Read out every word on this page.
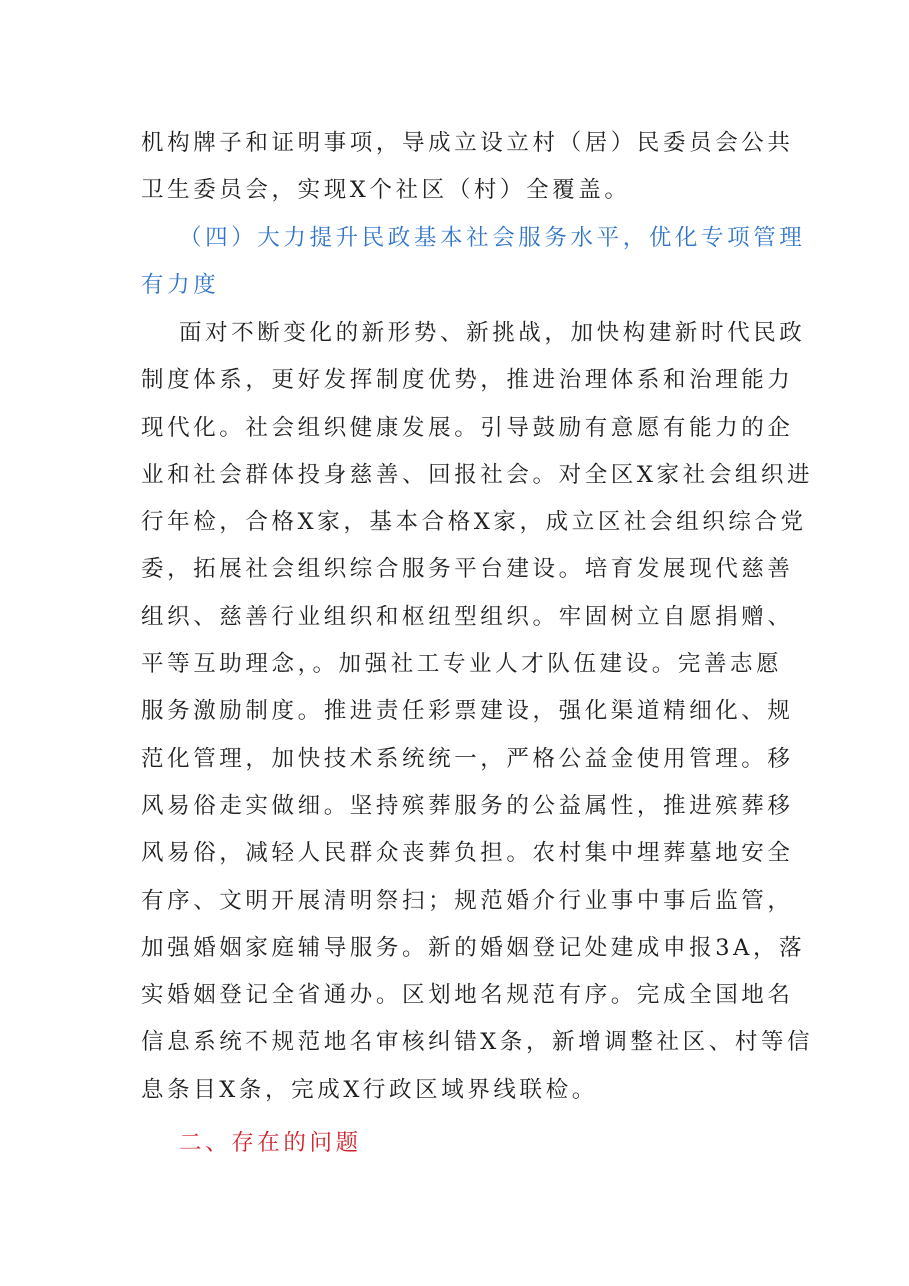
机构牌子和证明事项，导成立设立村（居）民委员会公共
卫生委员会，实现X个社区（村）全覆盖。
（四）大力提升民政基本社会服务水平，优化专项管理
有力度
面对不断变化的新形势、新挑战，加快构建新时代民政
制度体系，更好发挥制度优势，推进治理体系和治理能力
现代化。社会组织健康发展。引导鼓励有意愿有能力的企
业和社会群体投身慈善、回报社会。对全区X家社会组织进
行年检，合格X家，基本合格X家，成立区社会组织综合党
委，拓展社会组织综合服务平台建设。培育发展现代慈善
组织、慈善行业组织和枢纽型组织。牢固树立自愿捐赠、
平等互助理念，。加强社工专业人才队伍建设。完善志愿
服务激励制度。推进责任彩票建设，强化渠道精细化、规
范化管理，加快技术系统统一，严格公益金使用管理。移
风易俗走实做细。坚持殡葬服务的公益属性，推进殡葬移
风易俗，减轻人民群众丧葬负担。农村集中埋葬墓地安全
有序、文明开展清明祭扫；规范婚介行业事中事后监管，
加强婚姻家庭辅导服务。新的婚姻登记处建成申报3A，落
实婚姻登记全省通办。区划地名规范有序。完成全国地名
信息系统不规范地名审核纠错X条，新增调整社区、村等信
息条目X条，完成X行政区域界线联检。
二、存在的问题
